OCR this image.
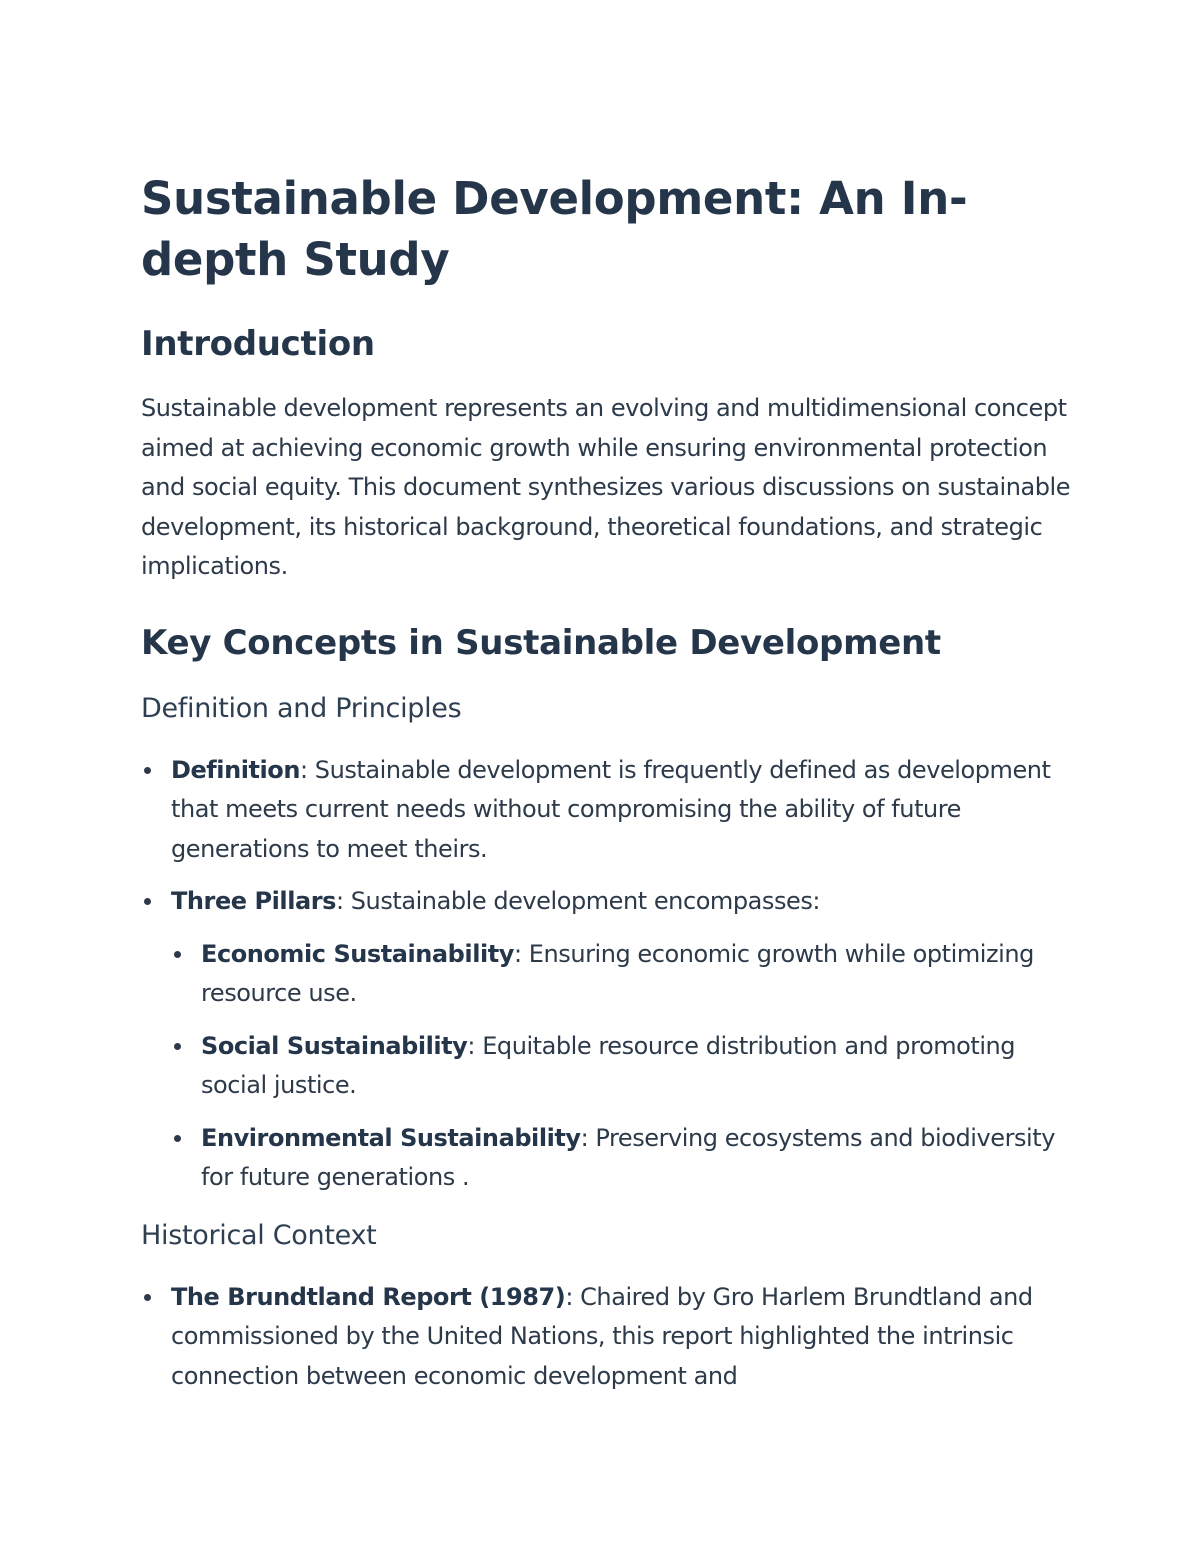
Sustainable Development: An In-depth Study
Introduction

Sustainable development represents an evolving and multidimensional concept aimed at achieving economic growth while ensuring environmental protection and social equity. This document synthesizes various discussions on sustainable development, its historical background, theoretical foundations, and strategic implications.

Key Concepts in Sustainable Development
Definition and Principles
Definition: Sustainable development is frequently defined as development that meets current needs without compromising the ability of future generations to meet theirs.
Three Pillars: Sustainable development encompasses:
Economic Sustainability: Ensuring economic growth while optimizing resource use.
Social Sustainability: Equitable resource distribution and promoting social justice.
Environmental Sustainability: Preserving ecosystems and biodiversity for future generations .
Historical Context
The Brundtland Report (1987): Chaired by Gro Harlem Brundtland and commissioned by the United Nations, this report highlighted the intrinsic connection between economic development and
